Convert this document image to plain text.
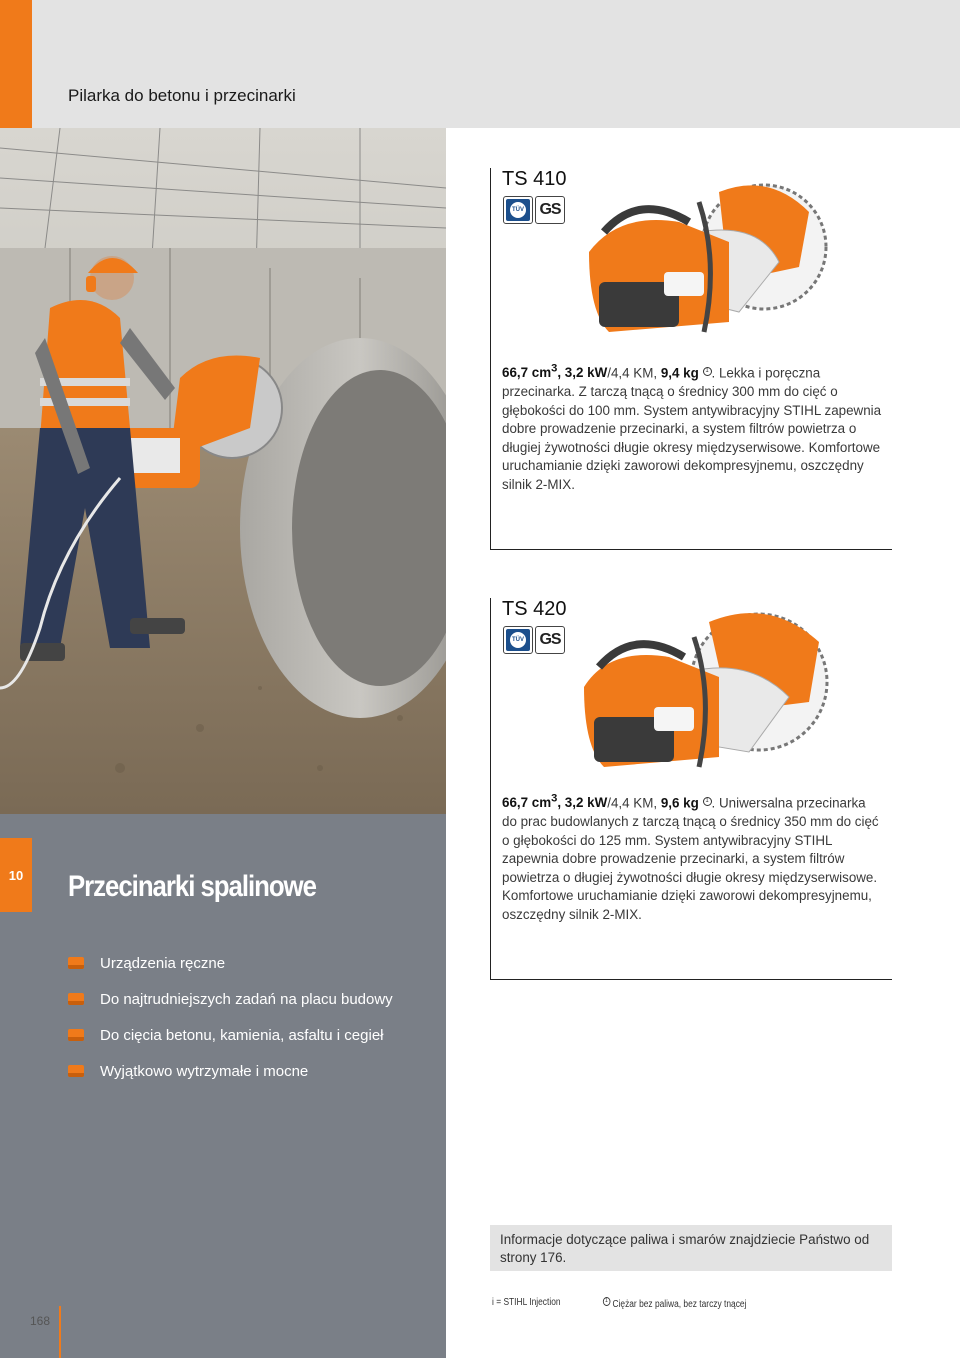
Pilarka do betonu i przecinarki
10 Przecinarki spalinowe
Urządzenia ręczne
Do najtrudniejszych zadań na placu budowy
Do cięcia betonu, kamienia, asfaltu i cegieł
Wyjątkowo wytrzymałe i mocne
168
TS 410
TÜV GS

66,7 $cm^3$, 3,2 kW/4,4 KM, 9,4 kg 1 . Lekka i poręczna przecinarka. Z tarczą tnącą o średnicy 300 mm do cięć o głębokości do 100 mm. System antywibracyjny STIHL zapewnia dobre prowadzenie przecinarki, a system filtrów powietrza o długiej żywotności długie okresy międzyserwisowe. Komfortowe uruchamianie dzięki zaworowi dekompresyjnemu, oszczędny silnik 2-MIX.

TS 420
TÜV GS

66,7 $cm^3$, 3,2 kW/4,4 KM, 9,6 kg 1 . Uniwersalna przecinarka do prac budowlanych z tarczą tnącą o średnicy 350 mm do cięć o głębokości do 125 mm. System antywibracyjny STIHL zapewnia dobre prowadzenie przecinarki, a system filtrów powietrza o długiej żywotności długie okresy międzyserwisowe. Komfortowe uruchamianie dzięki zaworowi dekompresyjnemu, oszczędny silnik 2-MIX.

Informacje dotyczące paliwa i smarów znajdziecie Państwo od strony 176.
i = STIHL Injection	1 Ciężar bez paliwa, bez tarczy tnącej
